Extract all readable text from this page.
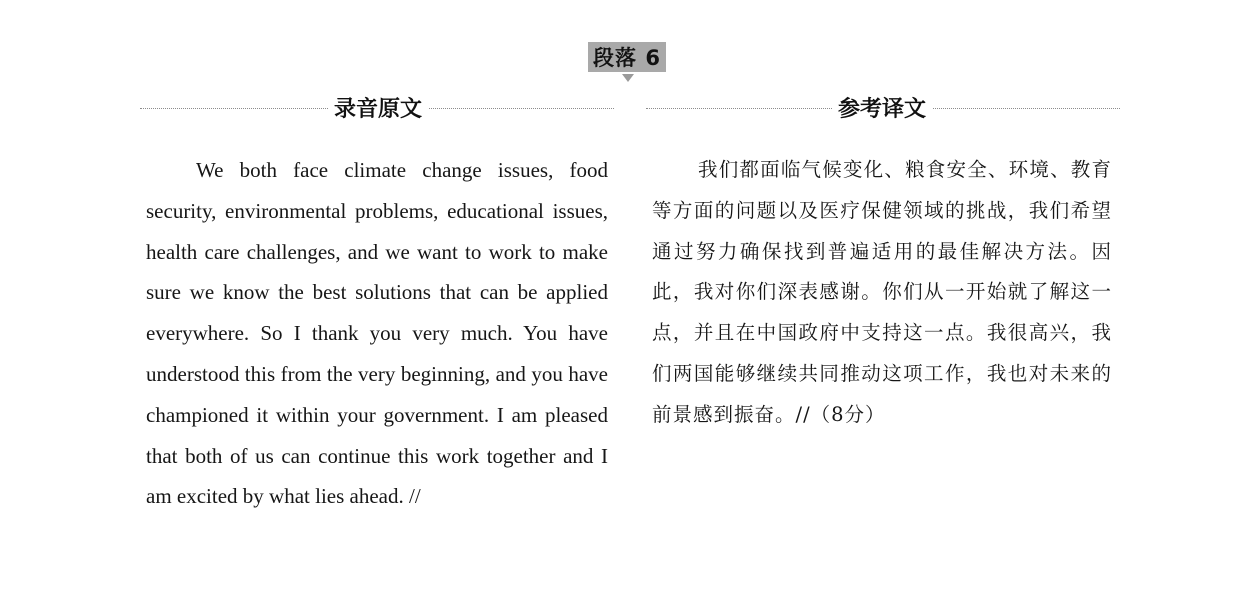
段落 6
录音原文	参考译文

We both face climate change issues, food security, environmental problems, educational issues, health care challenges, and we want to work to make sure we know the best solutions that can be applied everywhere. So I thank you very much. You have understood this from the very beginning, and you have championed it within your government. I am pleased that both of us can continue this work together and I am excited by what lies ahead. //

我们都面临气候变化、粮食安全、环境、教育等方面的问题以及医疗保健领域的挑战，我们希望通过努力确保找到普遍适用的最佳解决方法。因此，我对你们深表感谢。你们从一开始就了解这一点，并且在中国政府中支持这一点。我很高兴，我们两国能够继续共同推动这项工作，我也对未来的前景感到振奋。//（8分）
